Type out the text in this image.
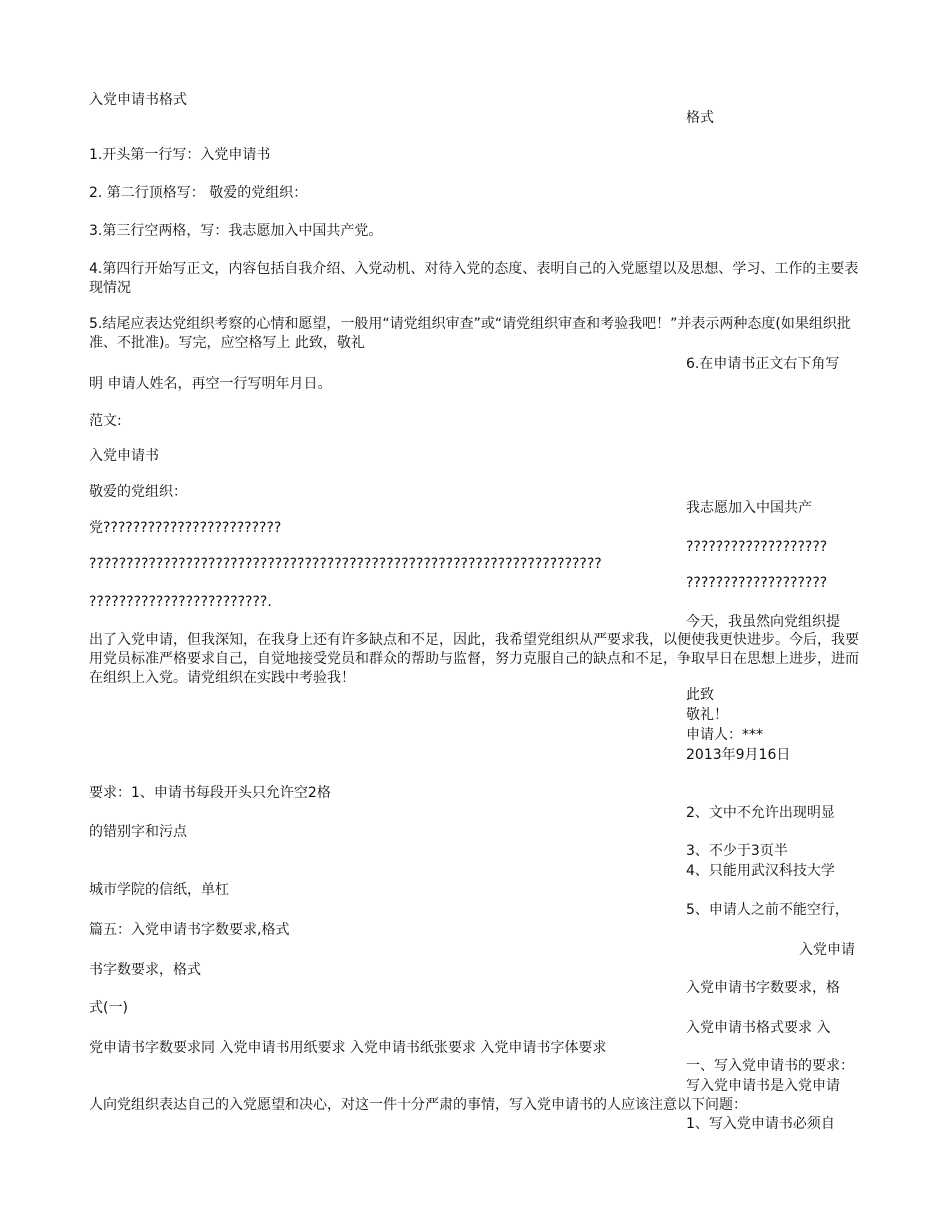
入党申请书格式
格式
1.开头第一行写：入党申请书
2. 第二行顶格写： 敬爱的党组织：
3.第三行空两格，写：我志愿加入中国共产党。
4.第四行开始写正文，内容包括自我介绍、入党动机、对待入党的态度、表明自己的入党愿望以及思想、学习、工作的主要表现情况
5.结尾应表达党组织考察的心情和愿望，一般用“请党组织审查”或“请党组织审查和考验我吧！”并表示两种态度(如果组织批准、不批准)。写完，应空格写上 此致，敬礼
6.在申请书正文右下角写
明 申请人姓名，再空一行写明年月日。
范文:
入党申请书
敬爱的党组织：
我志愿加入中国共产
党????????????????????????
???????????????????
?????????????????????????????????????????????????????????????????????
???????????????????
????????????????????????.
今天，我虽然向党组织提
出了入党申请，但我深知，在我身上还有许多缺点和不足，因此，我希望党组织从严要求我，以便使我更快进步。今后，我要用党员标准严格要求自己，自觉地接受党员和群众的帮助与监督，努力克服自己的缺点和不足，争取早日在思想上进步，进而在组织上入党。请党组织在实践中考验我！
此致
敬礼！
申请人：***
2013年9月16日
要求：1、申请书每段开头只允许空2格
2、文中不允许出现明显
的错别字和污点
3、不少于3页半
4、只能用武汉科技大学
城市学院的信纸，单杠
5、申请人之前不能空行，
篇五：入党申请书字数要求,格式
入党申请
书字数要求，格式
入党申请书字数要求，格
式(一)
入党申请书格式要求 入
党申请书字数要求同 入党申请书用纸要求 入党申请书纸张要求 入党申请书字体要求
一、写入党申请书的要求：
写入党申请书是入党申请
人向党组织表达自己的入党愿望和决心，对这一件十分严肃的事情，写入党申请书的人应该注意以下问题：
1、写入党申请书必须自
